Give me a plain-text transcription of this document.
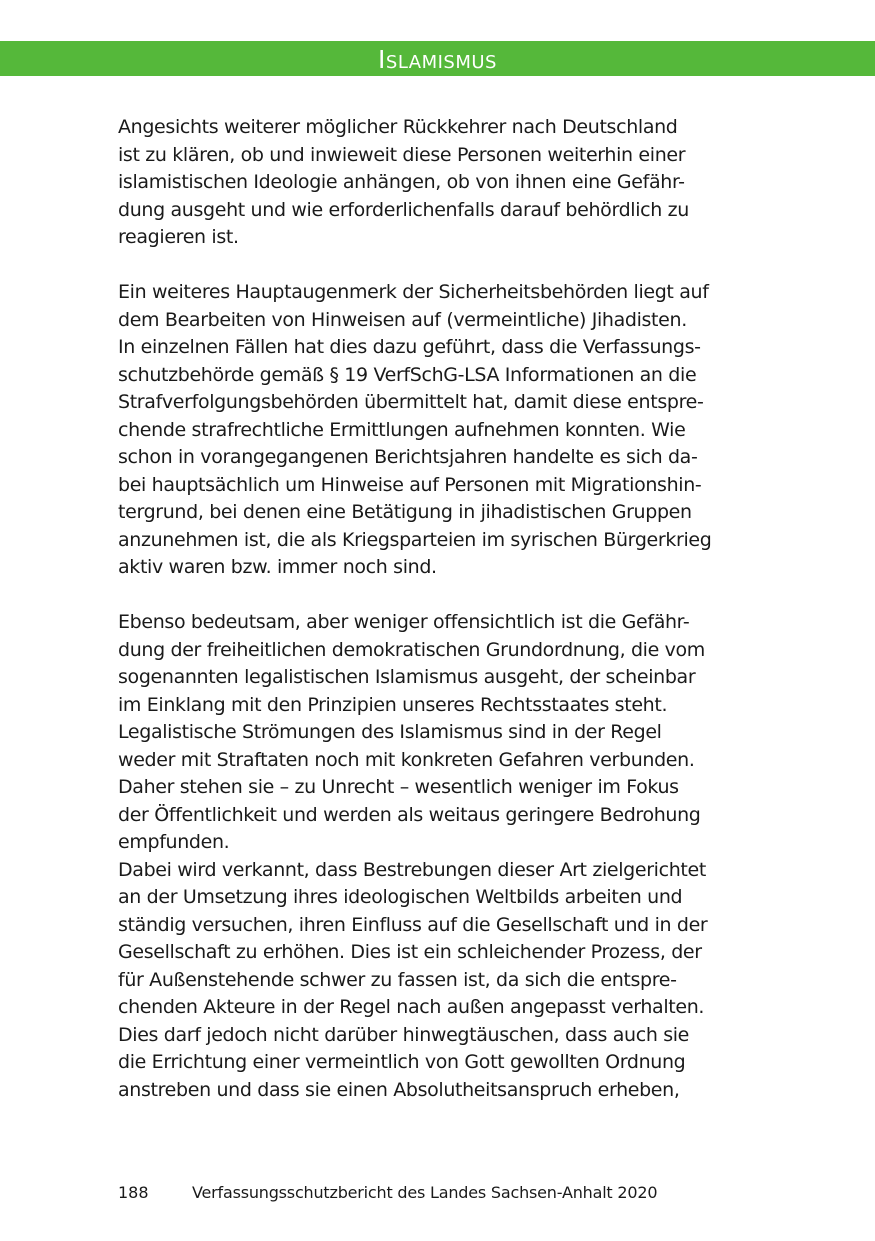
Islamismus
Angesichts weiterer möglicher Rückkehrer nach Deutschland
ist zu klären, ob und inwieweit diese Personen weiterhin einer
islamistischen Ideologie anhängen, ob von ihnen eine Gefähr-
dung ausgeht und wie erforderlichenfalls darauf behördlich zu
reagieren ist.
Ein weiteres Hauptaugenmerk der Sicherheitsbehörden liegt auf
dem Bearbeiten von Hinweisen auf (vermeintliche) Jihadisten.
In einzelnen Fällen hat dies dazu geführt, dass die Verfassungs-
schutzbehörde gemäß § 19 VerfSchG-LSA Informationen an die
Strafverfolgungsbehörden übermittelt hat, damit diese entspre-
chende strafrechtliche Ermittlungen aufnehmen konnten. Wie
schon in vorangegangenen Berichtsjahren handelte es sich da-
bei hauptsächlich um Hinweise auf Personen mit Migrationshin-
tergrund, bei denen eine Betätigung in jihadistischen Gruppen
anzunehmen ist, die als Kriegsparteien im syrischen Bürgerkrieg
aktiv waren bzw. immer noch sind.
Ebenso bedeutsam, aber weniger offensichtlich ist die Gefähr-
dung der freiheitlichen demokratischen Grundordnung, die vom
sogenannten legalistischen Islamismus ausgeht, der scheinbar
im Einklang mit den Prinzipien unseres Rechtsstaates steht.
Legalistische Strömungen des Islamismus sind in der Regel
weder mit Straftaten noch mit konkreten Gefahren verbunden.
Daher stehen sie – zu Unrecht – wesentlich weniger im Fokus
der Öffentlichkeit und werden als weitaus geringere Bedrohung
empfunden.
Dabei wird verkannt, dass Bestrebungen dieser Art zielgerichtet
an der Umsetzung ihres ideologischen Weltbilds arbeiten und
ständig versuchen, ihren Einfluss auf die Gesellschaft und in der
Gesellschaft zu erhöhen. Dies ist ein schleichender Prozess, der
für Außenstehende schwer zu fassen ist, da sich die entspre-
chenden Akteure in der Regel nach außen angepasst verhalten.
Dies darf jedoch nicht darüber hinwegtäuschen, dass auch sie
die Errichtung einer vermeintlich von Gott gewollten Ordnung
anstreben und dass sie einen Absolutheitsanspruch erheben,
188	Verfassungsschutzbericht des Landes Sachsen-Anhalt 2020
